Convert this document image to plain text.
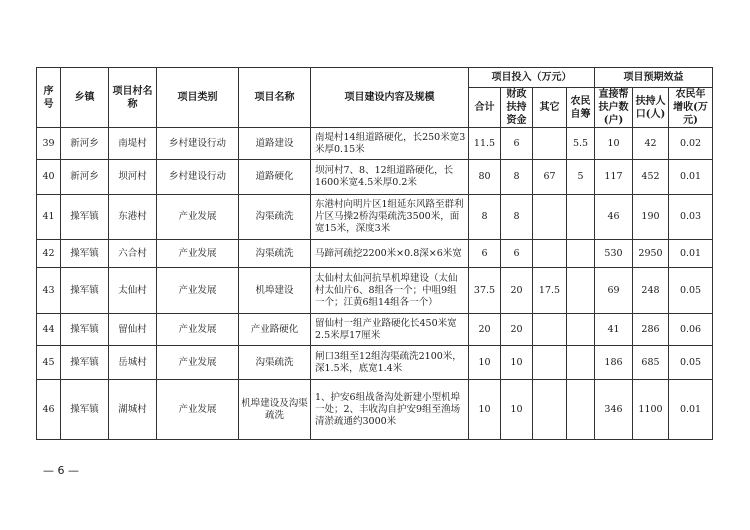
序号	乡镇	项目村名称	项目类别	项目名称	项目建设内容及规模	项目投入（万元）				项目预期效益		
						合计	财政扶持资金	其它	农民自筹	直接帮扶户数(户)	扶持人口(人)	农民年增收(万元)
39	新河乡	南堤村	乡村建设行动	道路建设	南堤村14组道路硬化，长250米宽3米厚0.15米	11.5	6		5.5	10	42	0.02
40	新河乡	坝河村	乡村建设行动	道路硬化	坝河村7、8、12组道路硬化，长1600米宽4.5米厚0.2米	80	8	67	5	117	452	0.01
41	操军镇	东港村	产业发展	沟渠疏洗	东港村向明片区1组延东风路至群利片区马操2桥沟渠疏洗3500米，面宽15米，深度3米	8	8			46	190	0.03
42	操军镇	六合村	产业发展	沟渠疏洗	马蹄河疏挖2200米×0.8深×6米宽	6	6			530	2950	0.01
43	操军镇	太仙村	产业发展	机埠建设	太仙村太仙河抗旱机埠建设（太仙村太仙片6、8组各一个；中咀9组一个；江黄6组14组各一个）	37.5	20	17.5		69	248	0.05
44	操军镇	留仙村	产业发展	产业路硬化	留仙村一组产业路硬化长450米宽2.5米厚17厘米	20	20			41	286	0.06
45	操军镇	岳城村	产业发展	沟渠疏洗	闸口3组至12组沟渠疏洗2100米，深1.5米，底宽1.4米	10	10			186	685	0.05
46	操军镇	湖城村	产业发展	机埠建设及沟渠疏洗	1、护安6组战备沟处新建小型机埠一处；2、丰收沟自护安9组至渔场清淤疏通约3000米	10	10			346	1100	0.01
— 6 —
